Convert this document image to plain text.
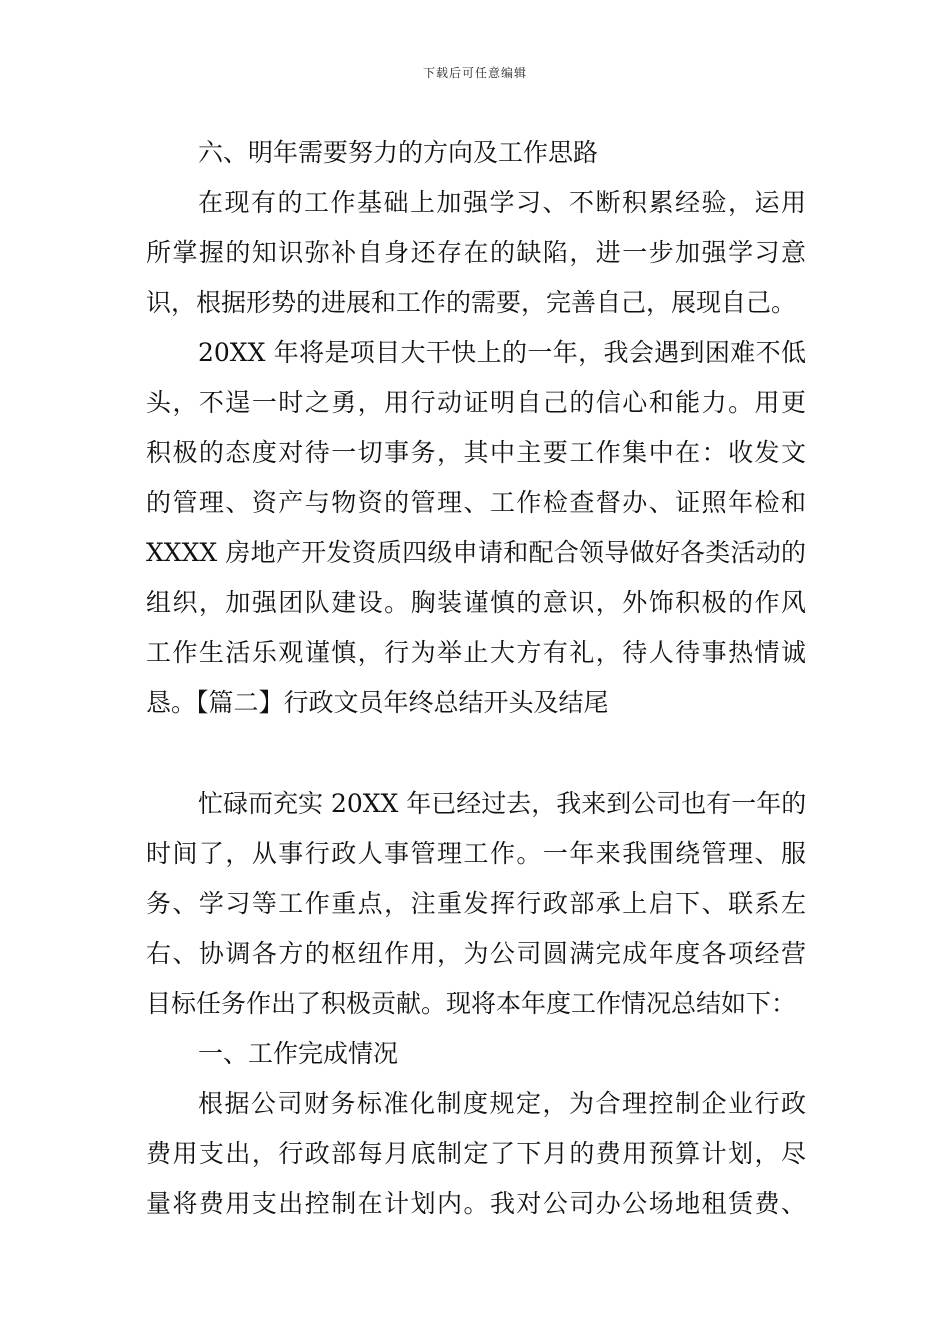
下载后可任意编辑
六、明年需要努力的方向及工作思路
在现有的工作基础上加强学习、不断积累经验，运用
所掌握的知识弥补自身还存在的缺陷，进一步加强学习意
识，根据形势的进展和工作的需要，完善自己，展现自己。
20XX 年将是项目大干快上的一年，我会遇到困难不低
头，不逞一时之勇，用行动证明自己的信心和能力。用更
积极的态度对待一切事务，其中主要工作集中在：收发文
的管理、资产与物资的管理、工作检查督办、证照年检和
XXXX 房地产开发资质四级申请和配合领导做好各类活动的
组织，加强团队建设。胸装谨慎的意识，外饰积极的作风
工作生活乐观谨慎，行为举止大方有礼，待人待事热情诚
恳。【篇二】行政文员年终总结开头及结尾
忙碌而充实 20XX 年已经过去，我来到公司也有一年的
时间了，从事行政人事管理工作。一年来我围绕管理、服
务、学习等工作重点，注重发挥行政部承上启下、联系左
右、协调各方的枢纽作用，为公司圆满完成年度各项经营
目标任务作出了积极贡献。现将本年度工作情况总结如下：
一、工作完成情况
根据公司财务标准化制度规定，为合理控制企业行政
费用支出，行政部每月底制定了下月的费用预算计划，尽
量将费用支出控制在计划内。我对公司办公场地租赁费、
